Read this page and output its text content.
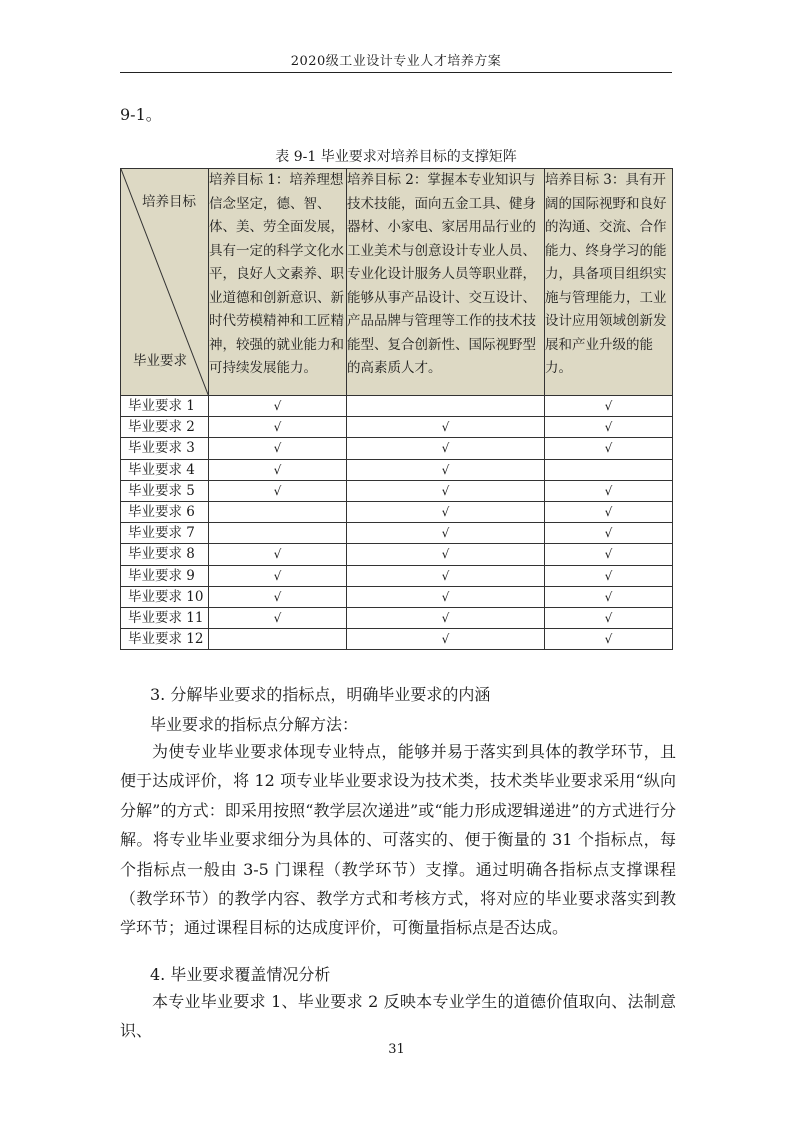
2020级工业设计专业人才培养方案
9-1。
表 9-1 毕业要求对培养目标的支撑矩阵
培养目标
毕业要求	培养目标 1：培养理想信念坚定，德、智、体、美、劳全面发展，具有一定的科学文化水平，良好人文素养、职业道德和创新意识、新时代劳模精神和工匠精神，较强的就业能力和可持续发展能力。	培养目标 2：掌握本专业知识与技术技能，面向五金工具、健身器材、小家电、家居用品行业的工业美术与创意设计专业人员、专业化设计服务人员等职业群，能够从事产品设计、交互设计、产品品牌与管理等工作的技术技能型、复合创新性、国际视野型的高素质人才。	培养目标 3：具有开阔的国际视野和良好的沟通、交流、合作能力、终身学习的能力，具备项目组织实施与管理能力，工业设计应用领域创新发展和产业升级的能力。
毕业要求 1	√		√
毕业要求 2	√	√	√
毕业要求 3	√	√	√
毕业要求 4	√	√	
毕业要求 5	√	√	√
毕业要求 6		√	√
毕业要求 7		√	√
毕业要求 8	√	√	√
毕业要求 9	√	√	√
毕业要求 10	√	√	√
毕业要求 11	√	√	√
毕业要求 12		√	√
3. 分解毕业要求的指标点，明确毕业要求的内涵
毕业要求的指标点分解方法：
为使专业毕业要求体现专业特点，能够并易于落实到具体的教学环节，且便于达成评价，将 12 项专业毕业要求设为技术类，技术类毕业要求采用“纵向分解”的方式：即采用按照“教学层次递进”或“能力形成逻辑递进”的方式进行分解。将专业毕业要求细分为具体的、可落实的、便于衡量的 31 个指标点，每个指标点一般由 3-5 门课程（教学环节）支撑。通过明确各指标点支撑课程（教学环节）的教学内容、教学方式和考核方式，将对应的毕业要求落实到教学环节；通过课程目标的达成度评价，可衡量指标点是否达成。
4. 毕业要求覆盖情况分析
本专业毕业要求 1、毕业要求 2 反映本专业学生的道德价值取向、法制意识、
31
